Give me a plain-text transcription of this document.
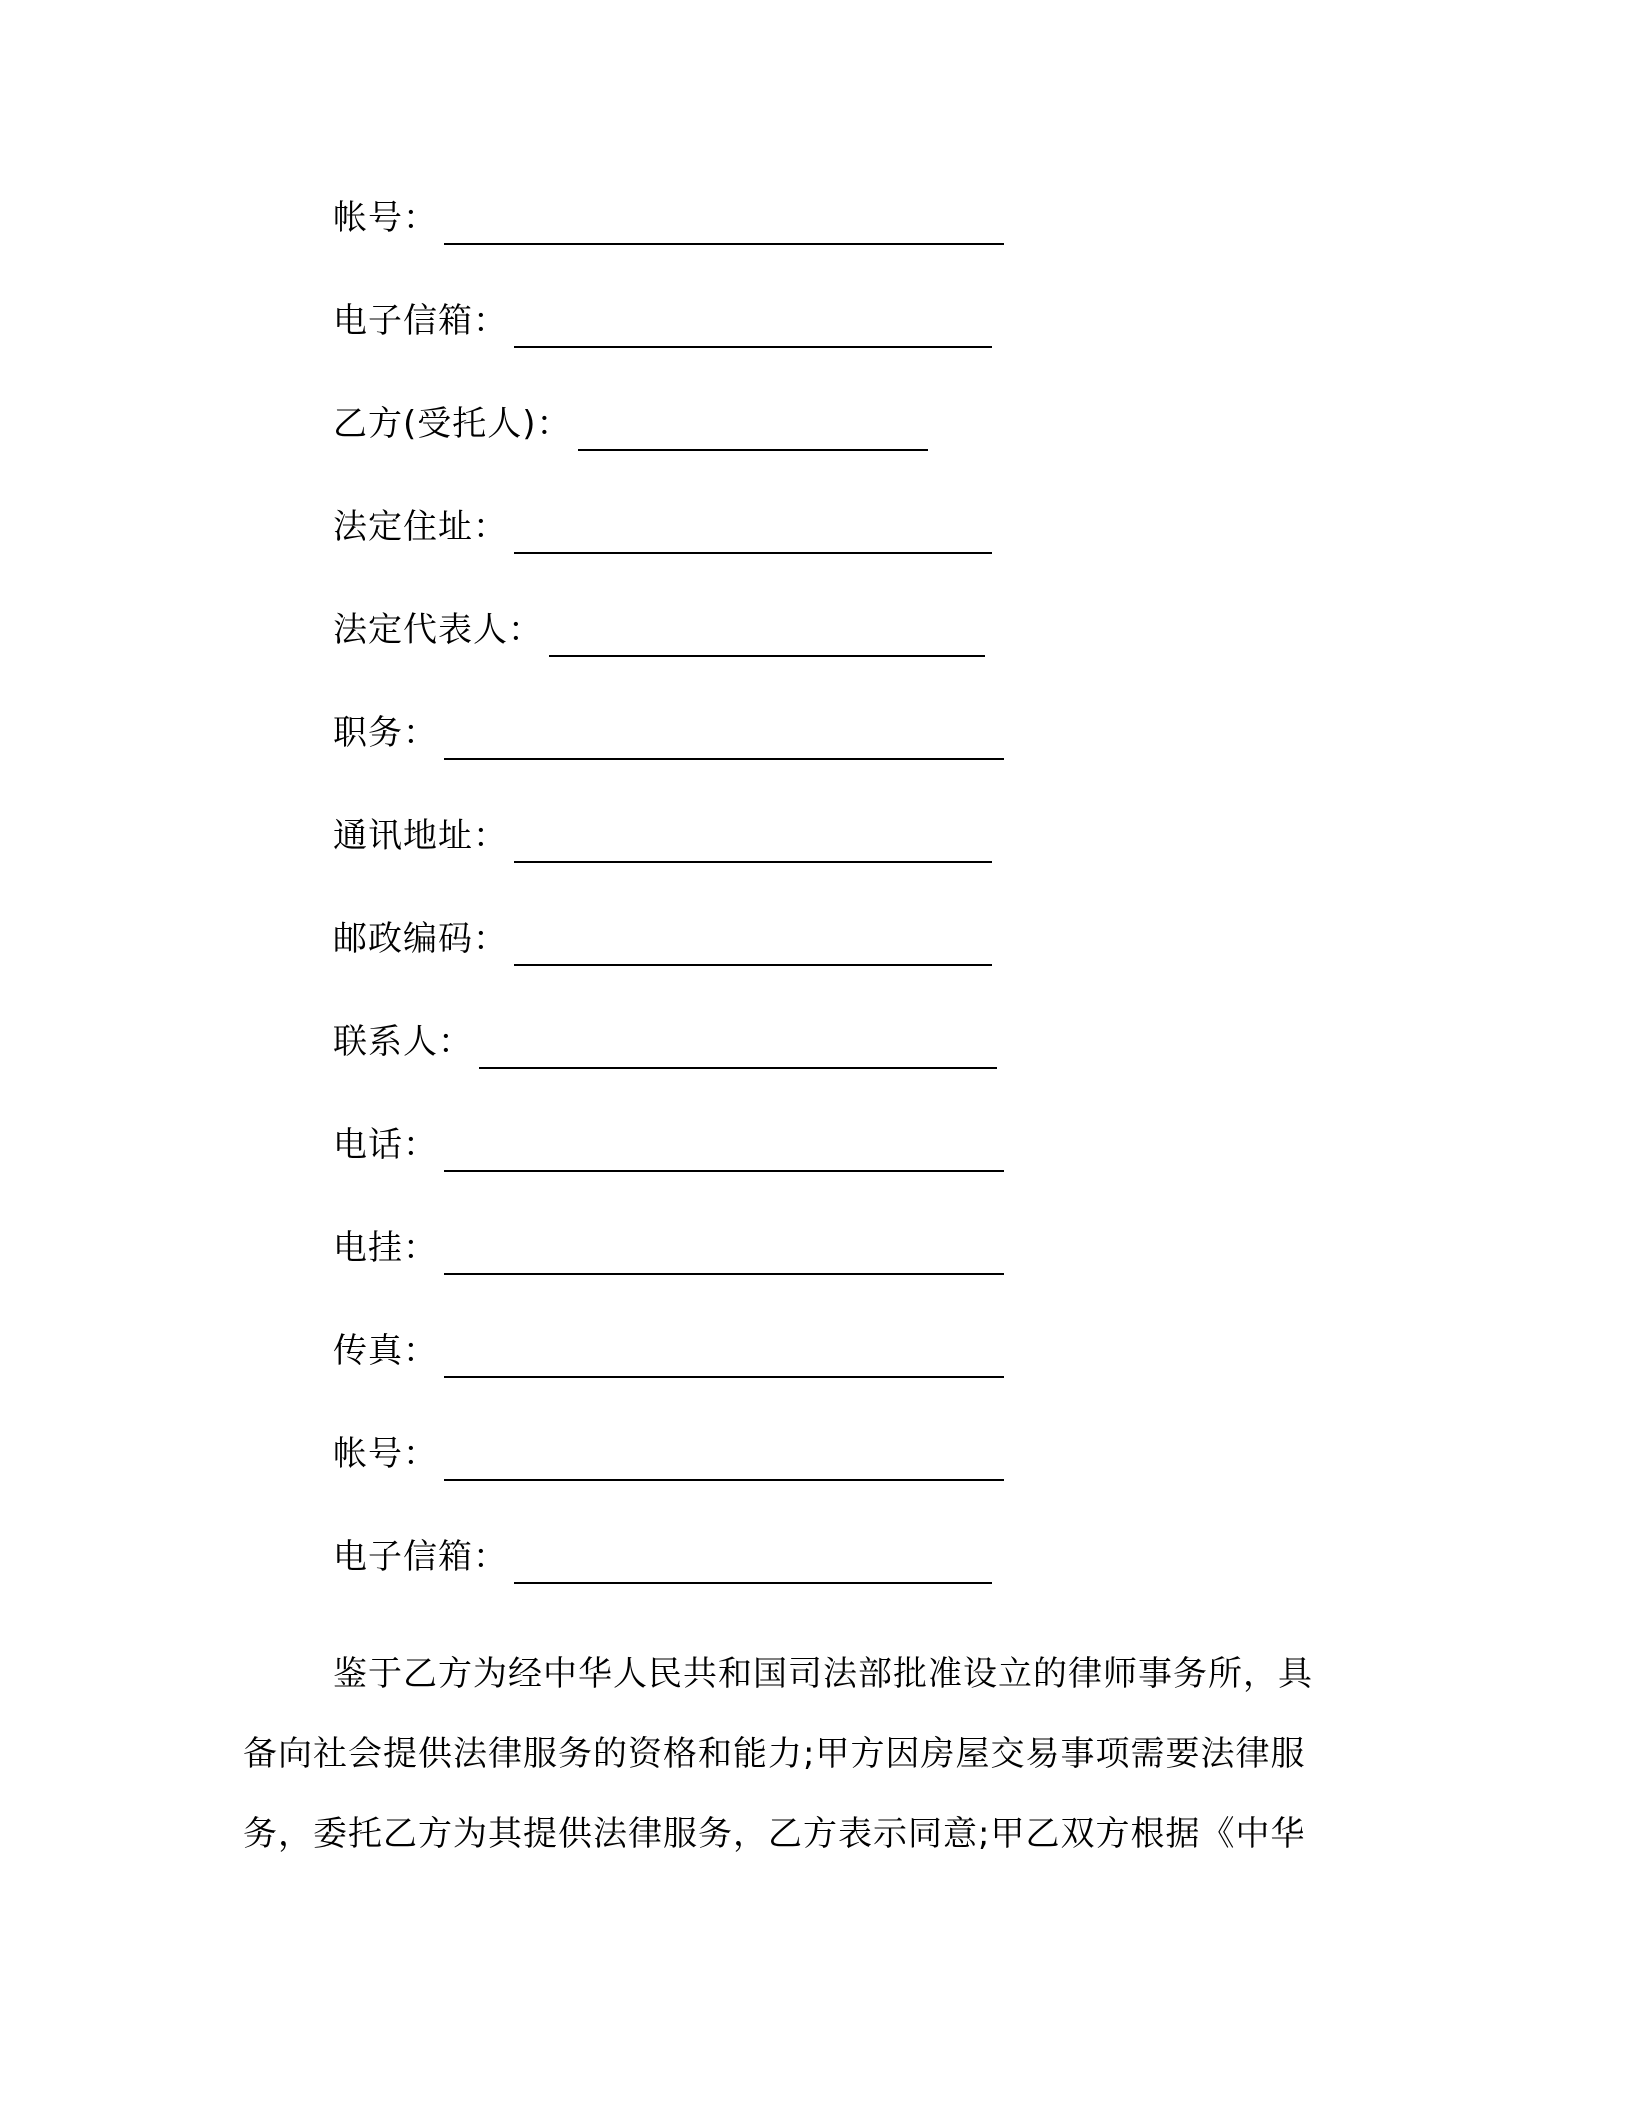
帐号：
电子信箱：
乙方(受托人)：
法定住址：
法定代表人：
职务：
通讯地址：
邮政编码：
联系人：
电话：
电挂：
传真：
帐号：
电子信箱：
鉴于乙方为经中华人民共和国司法部批准设立的律师事务所，具
备向社会提供法律服务的资格和能力;甲方因房屋交易事项需要法律服
务，委托乙方为其提供法律服务，乙方表示同意;甲乙双方根据《中华
